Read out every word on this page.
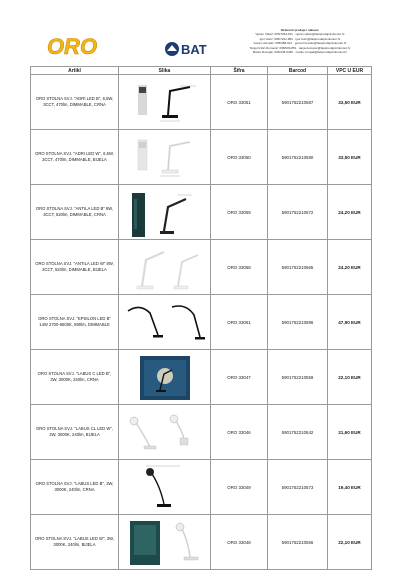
ORO	BAT
Referenti prodaje i nabave:
Vjeran Vlasić: 095/7262-611 · vjeran.vlasic@fastprodajnimkontor.hr
Igor Hurić: 095/7221-983 · igor.huric@fastprodajnimkontor.hr
Goran Horvatić: 095/388-921 · goran.horvatic@fastprodajnimkontor.hr
Tanja Krštić-Dumanić: 098/939-851 · tanja.dumanic@fastprodajnimkontor.hr
Marko Rovnjak: 095/445-9465 · marko.rovnjak@fastprodajnimkontor.hr
Artikl	Slika	Šifra	Barcod	VPC U EUR
ORO STOLNA SVJ. "ADRI LED B", 6,5W, 3CCT, 470lm, DIMMABLE, CRNA		ORO 33051	5901752210587	33,50 EUR
ORO STOLNA SVJ. "ADRI LED W", 6,5W, 3CCT, 470lm, DIMMABLE, BIJELA		ORO 33050	5901752210580	33,50 EUR
ORO STOLNA SVJ. "ANTILA LED B" 8W, 3CCT, 520lm, DIMMABLE, CRNA		ORO 33059	5901752210672	24,20 EUR
ORO STOLNA SVJ. "ANTILA LED W" 8W, 3CCT, 520lm, DIMMABLE, BIJELA		ORO 33058	5901752210665	24,20 EUR
ORO STOLNA SVJ. "EPSILON LED B" 14W 2700-6500K, 890lm, DIMMABLE		ORO 33061	5901752210696	47,90 EUR
ORO STOLNA SVJ. "LABUS C LED B", 3W, 3000K, 240lm, CRNA		ORO 33047	5901752210559	22,10 EUR
ORO STOLNA SVJ. "LABUS CL LED W", 3W, 3000K, 240lm, BIJELA		ORO 33046	5901752210542	21,60 EUR
ORO STOLNA SVJ. "LABUS LED B", 3W, 3000K, 240lm, CRNA		ORO 33049	5901752210573	19,40 EUR
ORO STOLNA SVJ. "LABUS LED W", 3W, 3000K, 240lm, BIJELA		ORO 33048	5901752210566	22,10 EUR
